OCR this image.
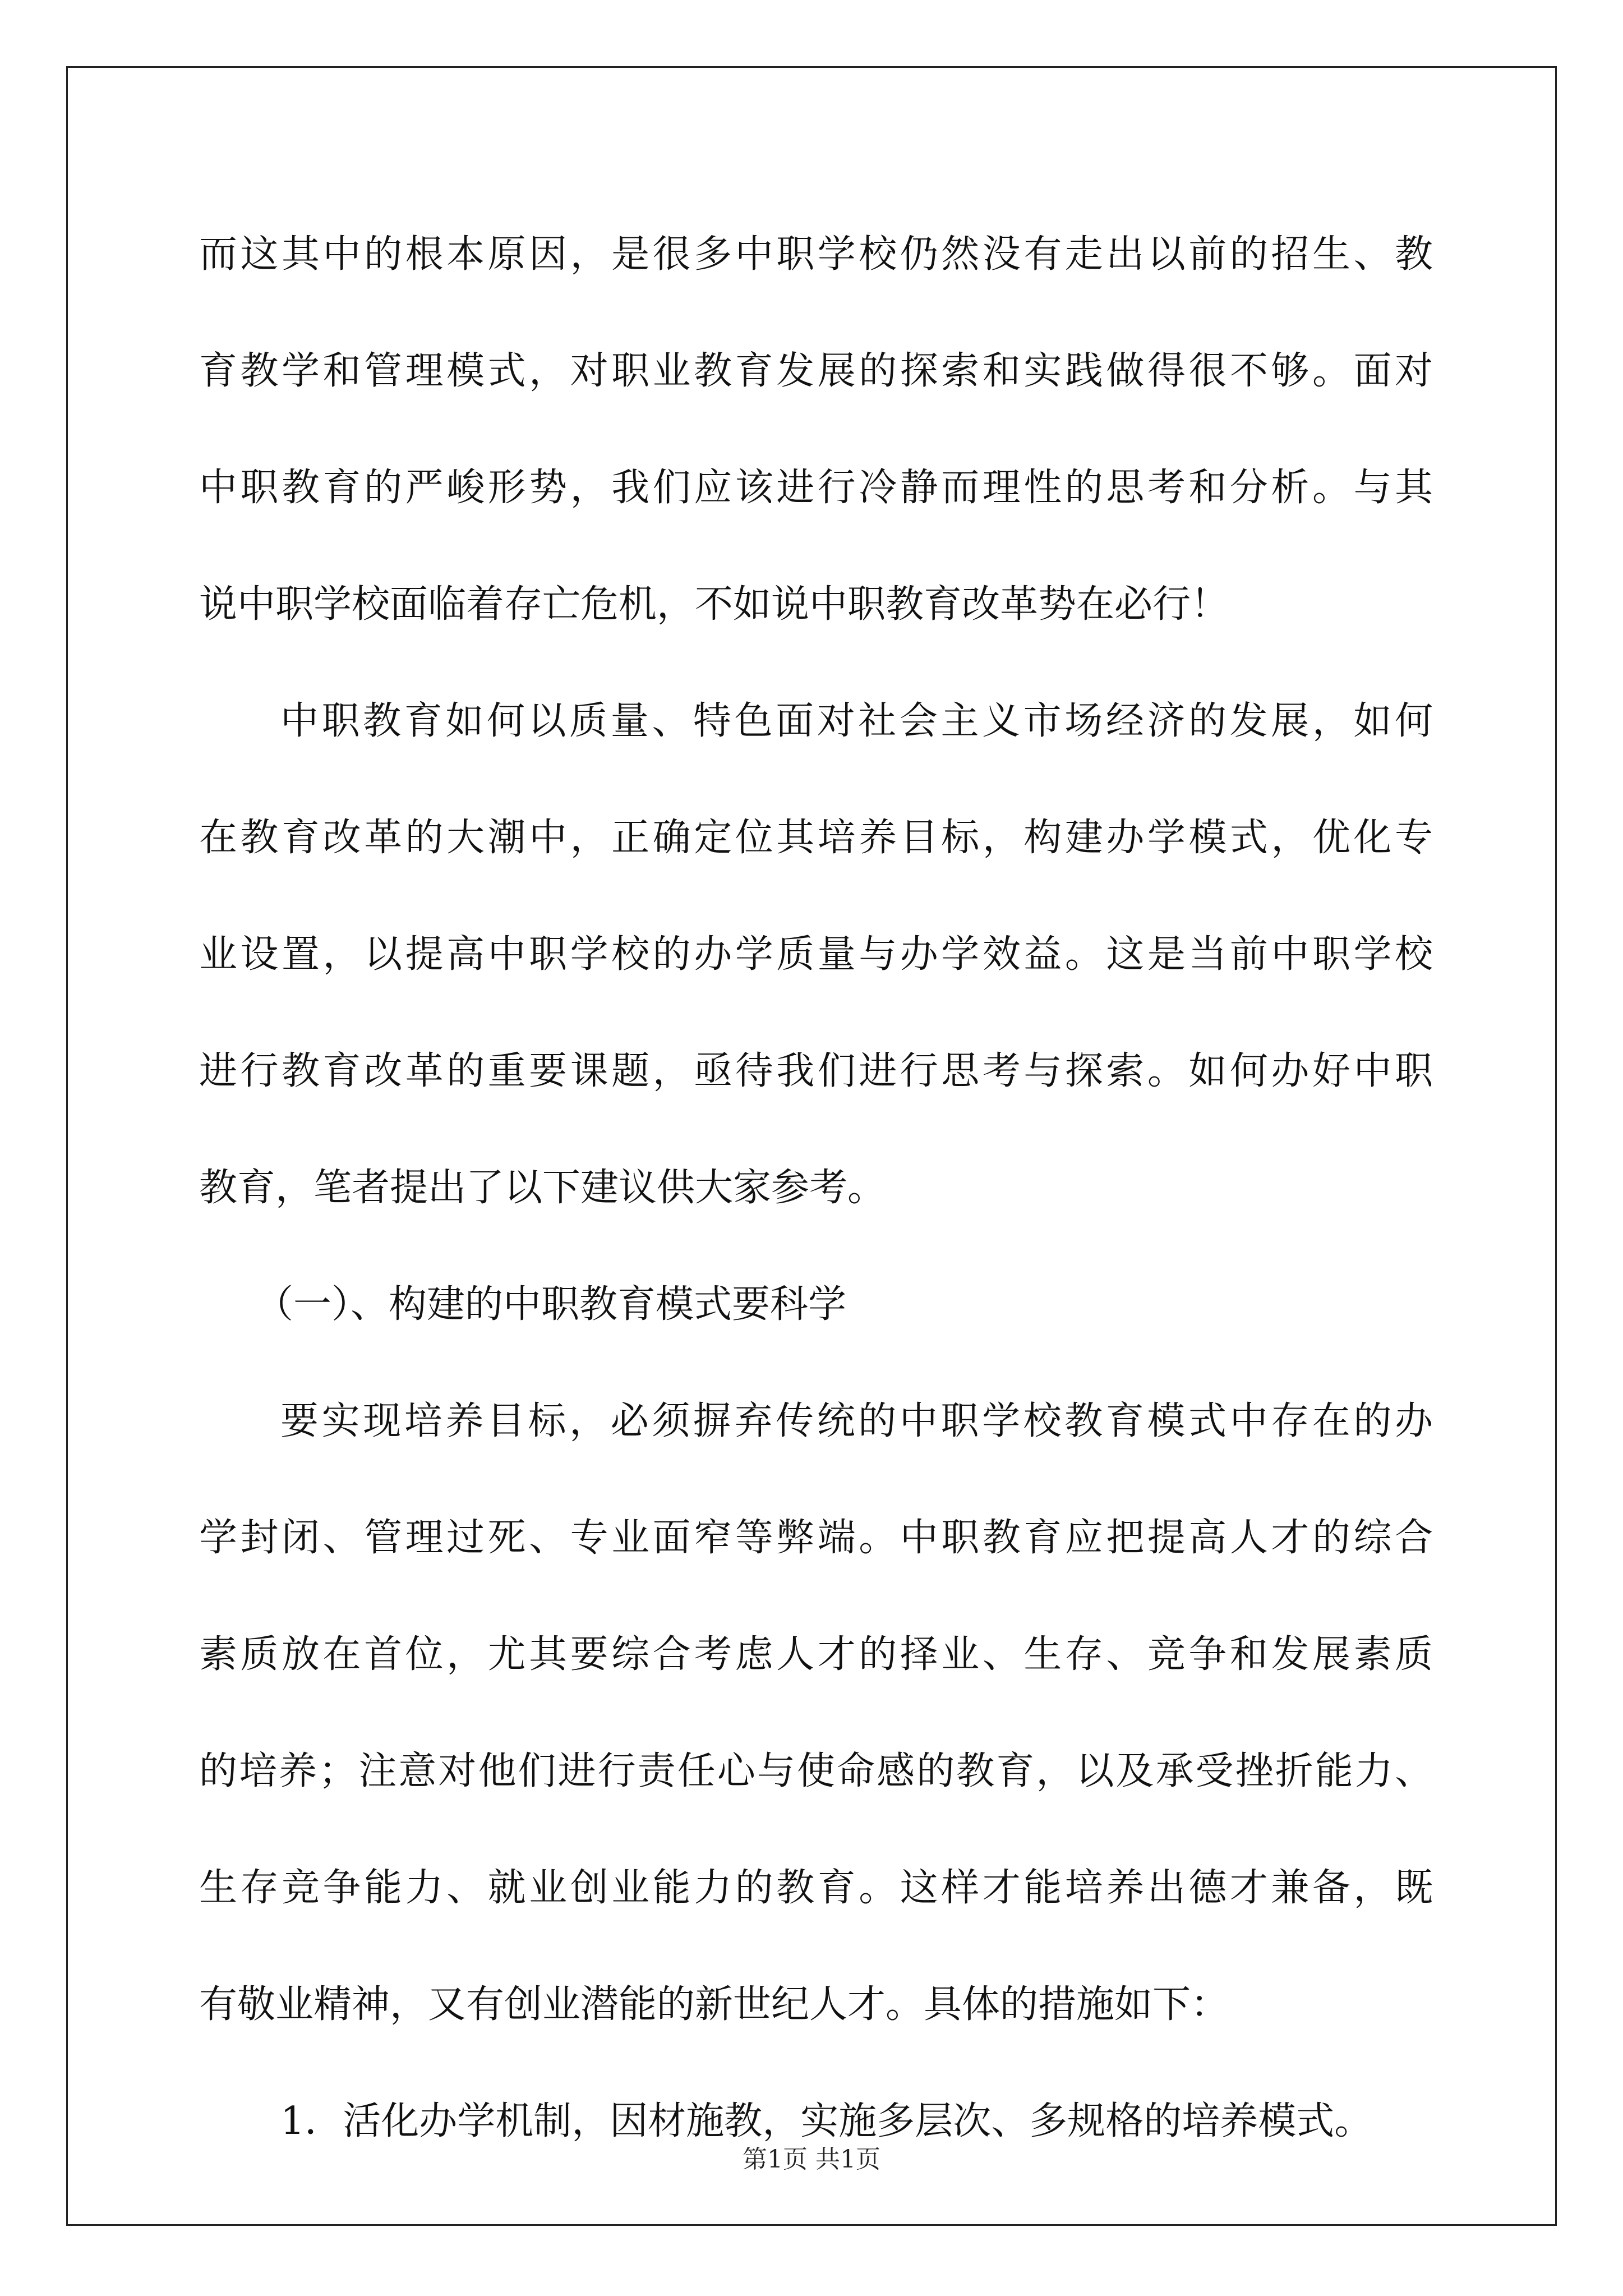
而这其中的根本原因，是很多中职学校仍然没有走出以前的招生、教
育教学和管理模式，对职业教育发展的探索和实践做得很不够。面对
中职教育的严峻形势，我们应该进行冷静而理性的思考和分析。与其
说中职学校面临着存亡危机，不如说中职教育改革势在必行！
中职教育如何以质量、特色面对社会主义市场经济的发展，如何
在教育改革的大潮中，正确定位其培养目标，构建办学模式，优化专
业设置，以提高中职学校的办学质量与办学效益。这是当前中职学校
进行教育改革的重要课题，亟待我们进行思考与探索。如何办好中职
教育，笔者提出了以下建议供大家参考。
（一）、构建的中职教育模式要科学
要实现培养目标，必须摒弃传统的中职学校教育模式中存在的办
学封闭、管理过死、专业面窄等弊端。中职教育应把提高人才的综合
素质放在首位，尤其要综合考虑人才的择业、生存、竞争和发展素质
的培养；注意对他们进行责任心与使命感的教育，以及承受挫折能力、
生存竞争能力、就业创业能力的教育。这样才能培养出德才兼备，既
有敬业精神，又有创业潜能的新世纪人才。具体的措施如下：
1．活化办学机制，因材施教，实施多层次、多规格的培养模式。
第1页 共1页
